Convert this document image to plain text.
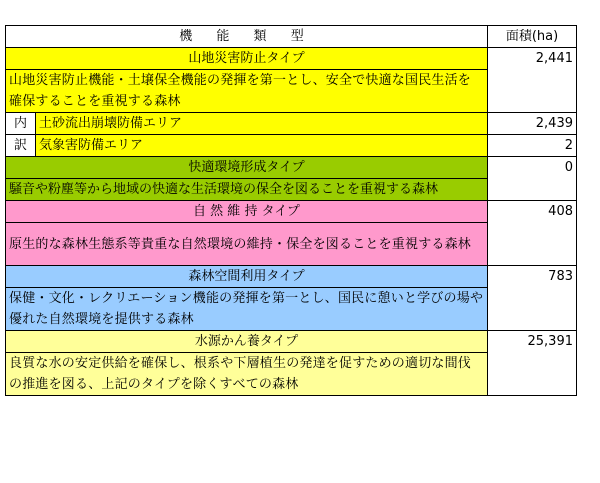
機 能 類 型		面積(ha)
山地災害防止タイプ		2,441
山地災害防止機能・土壌保全機能の発揮を第一とし、安全で快適な国民生活を確保することを重視する森林		

内	土砂流出崩壊防備エリア	2,439
訳	気象害防備エリア	2
快適環境形成タイプ		0
騒音や粉塵等から地域の快適な生活環境の保全を図ることを重視する森林		
自 然 維 持 タイプ		408
原生的な森林生態系等貴重な自然環境の維持・保全を図ることを重視する森林		
森林空間利用タイプ		783
保健・文化・レクリエーション機能の発揮を第一とし、国民に憩いと学びの場や優れた自然環境を提供する森林		
水源かん養タイプ		25,391
良質な水の安定供給を確保し、根系や下層植生の発達を促すための適切な間伐の推進を図る、上記のタイプを除くすべての森林		
